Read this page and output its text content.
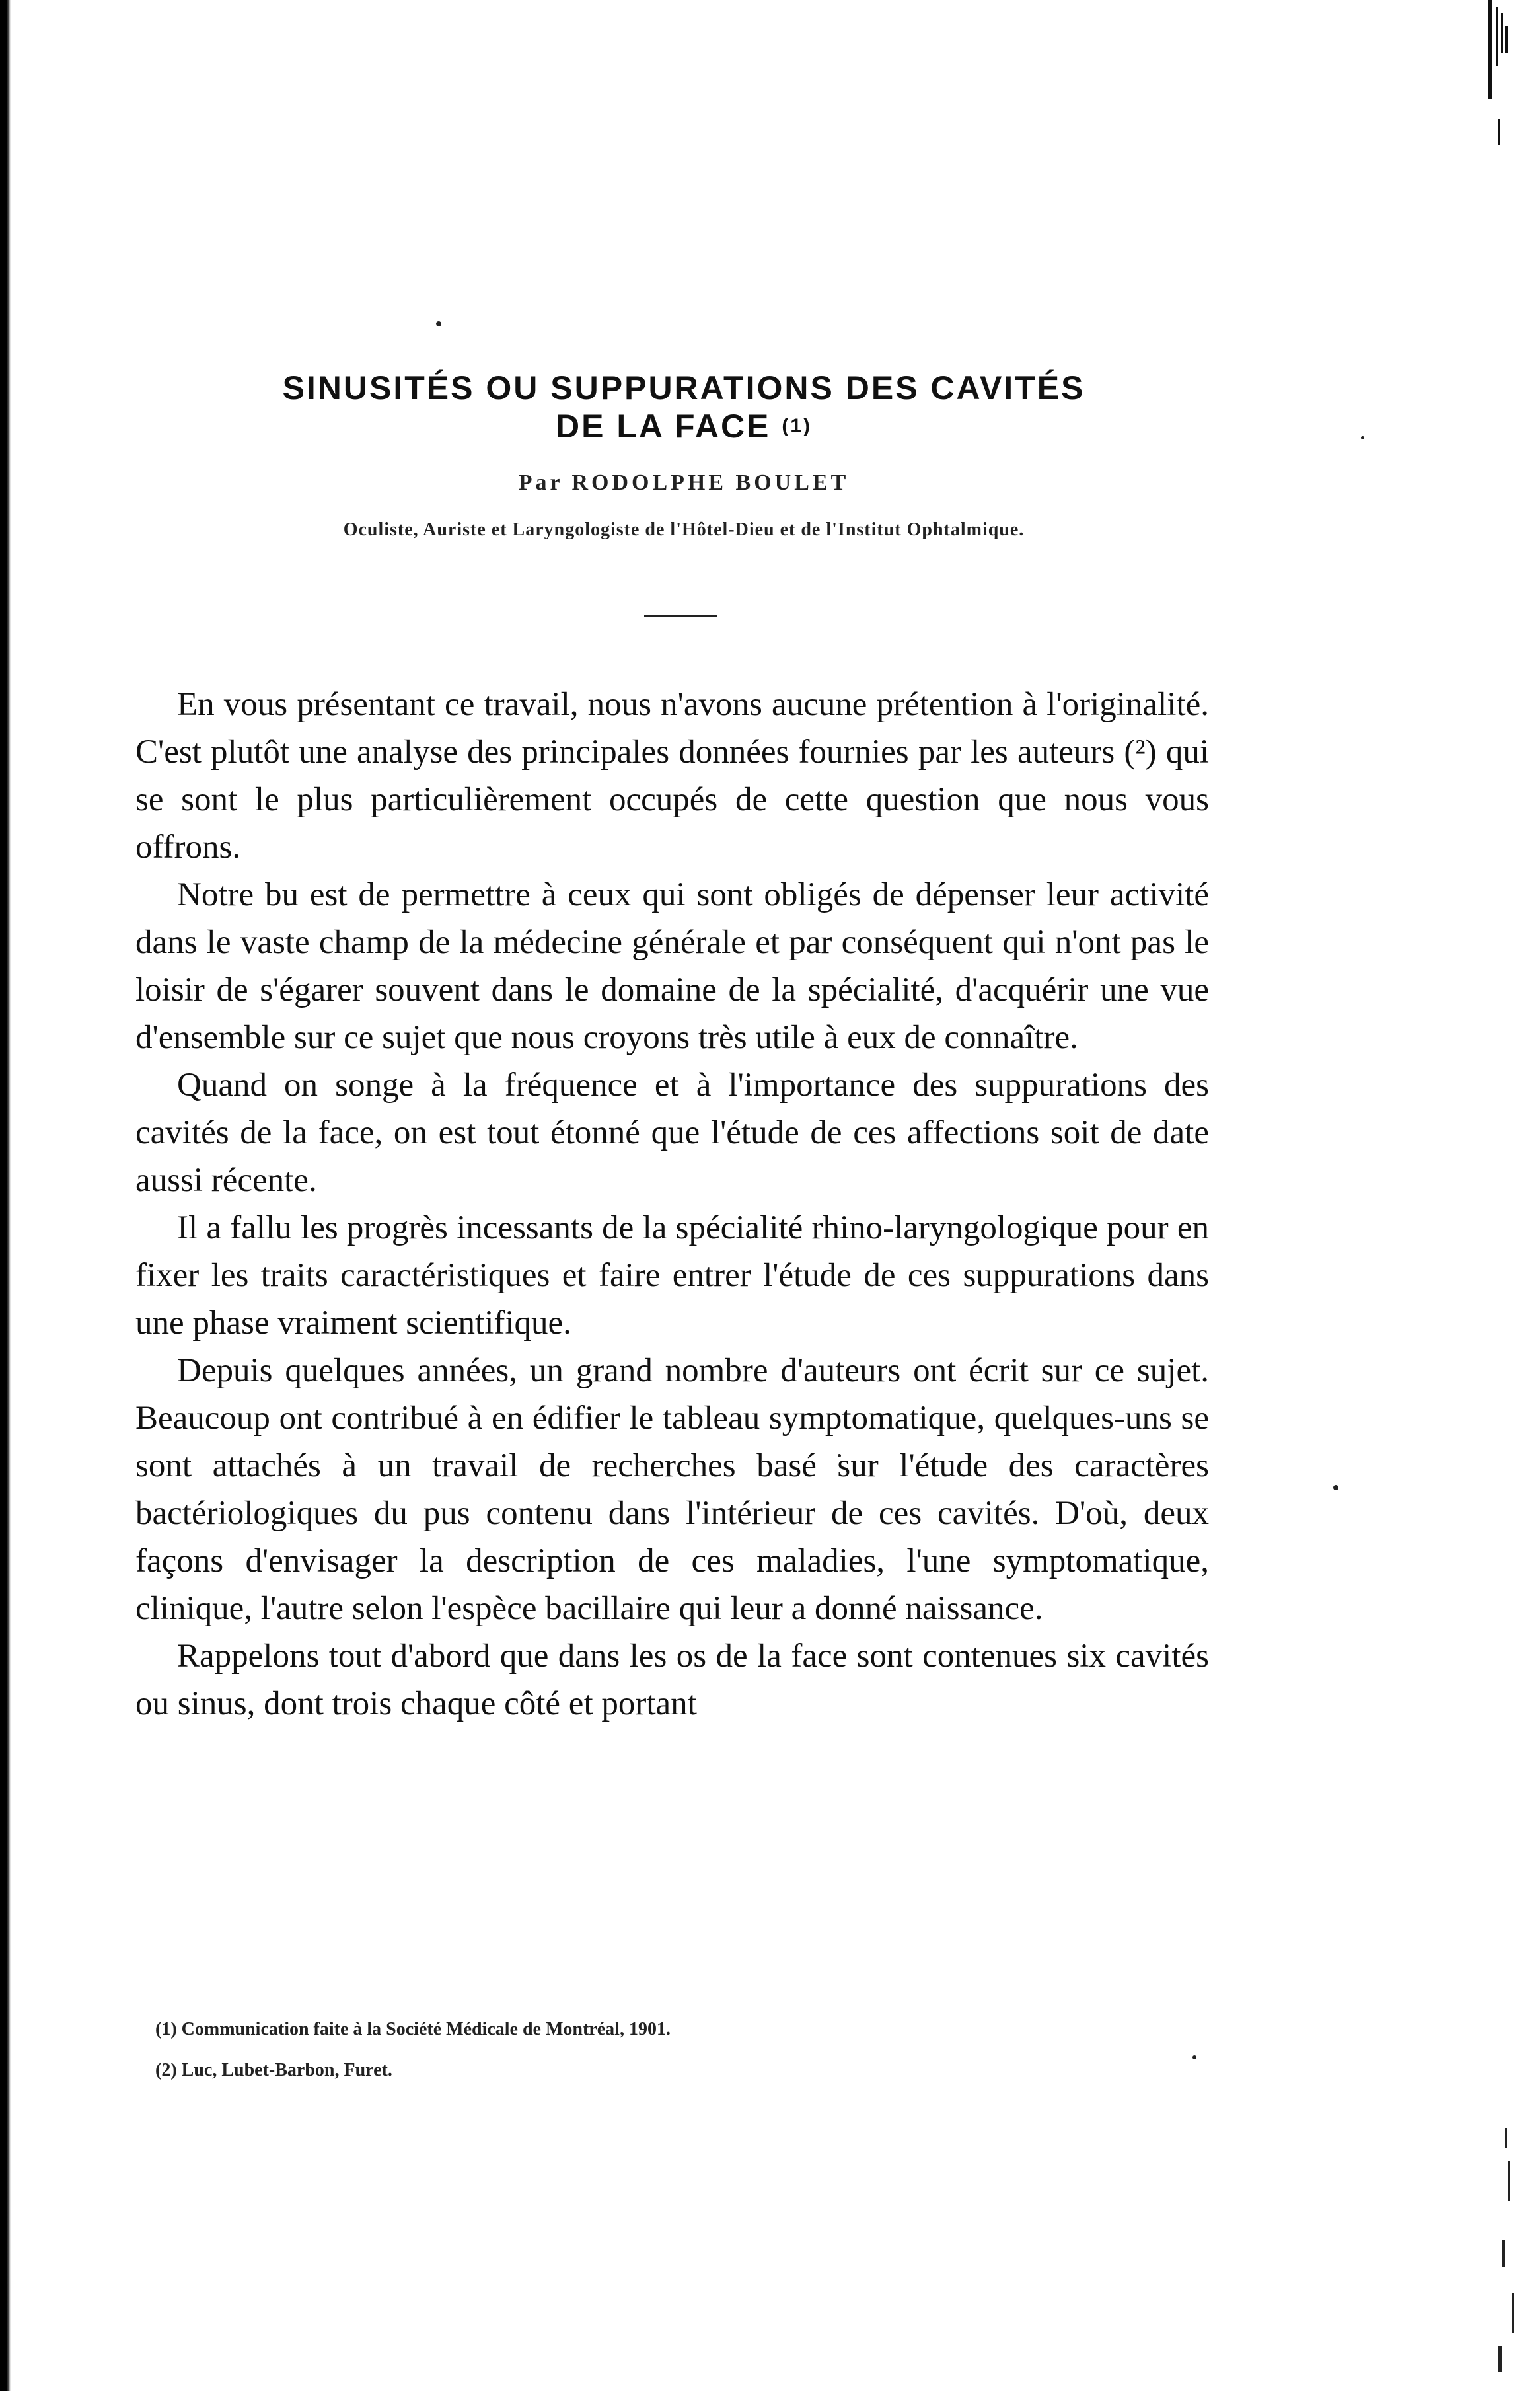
SINUSITÉS OU SUPPURATIONS DES CAVITÉS
DE LA FACE $^{(1)}$

Par RODOLPHE BOULET

Oculiste, Auriste et Laryngologiste de l'Hôtel-Dieu et de l'Institut Ophtalmique.

En vous présentant ce travail, nous n'avons aucune prétention à l'originalité. C'est plutôt une analyse des principales données fournies par les auteurs (²) qui se sont le plus particulièrement occupés de cette question que nous vous offrons.

Notre bu est de permettre à ceux qui sont obligés de dépenser leur activité dans le vaste champ de la médecine générale et par conséquent qui n'ont pas le loisir de s'égarer souvent dans le domaine de la spécialité, d'acquérir une vue d'ensemble sur ce sujet que nous croyons très utile à eux de connaître.

Quand on songe à la fréquence et à l'importance des suppurations des cavités de la face, on est tout étonné que l'étude de ces affections soit de date aussi récente.

Il a fallu les progrès incessants de la spécialité rhino-laryngologique pour en fixer les traits caractéristiques et faire entrer l'étude de ces suppurations dans une phase vraiment scientifique.

Depuis quelques années, un grand nombre d'auteurs ont écrit sur ce sujet. Beaucoup ont contribué à en édifier le tableau symptomatique, quelques-uns se sont attachés à un travail de recherches basé sur l'étude des caractères bactériologiques du pus contenu dans l'intérieur de ces cavités. D'où, deux façons d'envisager la description de ces maladies, l'une symptomatique, clinique, l'autre selon l'espèce bacillaire qui leur a donné naissance.

Rappelons tout d'abord que dans les os de la face sont contenues six cavités ou sinus, dont trois chaque côté et portant

(1) Communication faite à la Société Médicale de Montréal, 1901.

(2) Luc, Lubet-Barbon, Furet.
